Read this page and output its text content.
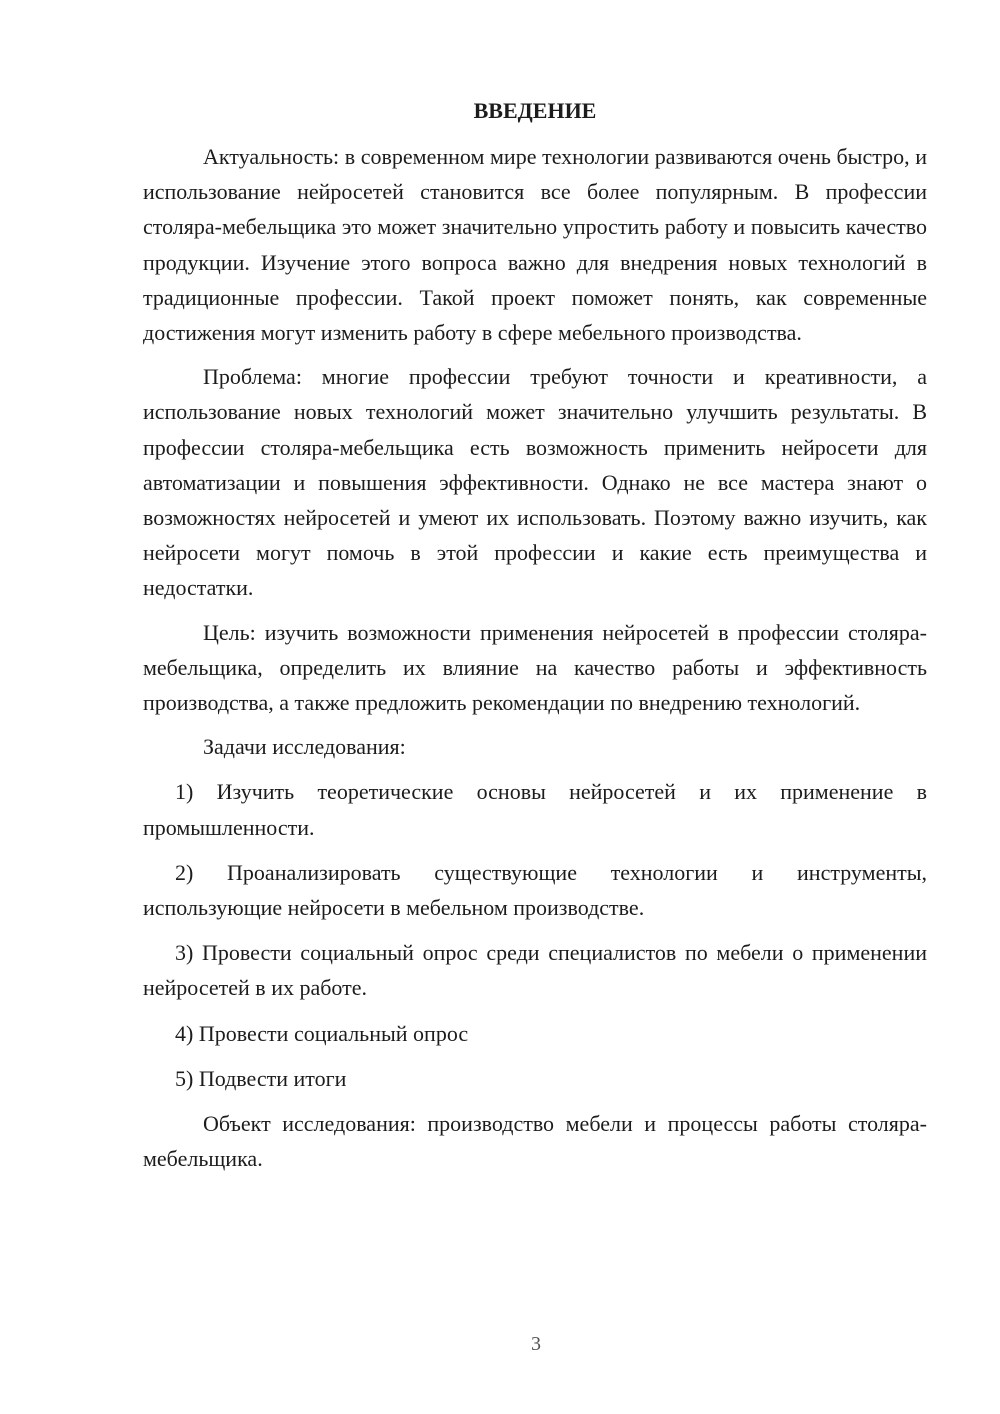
ВВЕДЕНИЕ

Актуальность: в современном мире технологии развиваются очень быстро, и использование нейросетей становится все более популярным. В профессии столяра-мебельщика это может значительно упростить работу и повысить качество продукции. Изучение этого вопроса важно для внедрения новых технологий в традиционные профессии. Такой проект поможет понять, как современные достижения могут изменить работу в сфере мебельного производства.

Проблема: многие профессии требуют точности и креативности, а использование новых технологий может значительно улучшить результаты. В профессии столяра-мебельщика есть возможность применить нейросети для автоматизации и повышения эффективности. Однако не все мастера знают о возможностях нейросетей и умеют их использовать. Поэтому важно изучить, как нейросети могут помочь в этой профессии и какие есть преимущества и недостатки.

Цель: изучить возможности применения нейросетей в профессии столяра-мебельщика, определить их влияние на качество работы и эффективность производства, а также предложить рекомендации по внедрению технологий.

Задачи исследования:

1) Изучить теоретические основы нейросетей и их применение в промышленности.

2) Проанализировать существующие технологии и инструменты, использующие нейросети в мебельном производстве.

3) Провести социальный опрос среди специалистов по мебели о применении нейросетей в их работе.

4) Провести социальный опрос

5) Подвести итоги

Объект исследования: производство мебели и процессы работы столяра-мебельщика.

3
